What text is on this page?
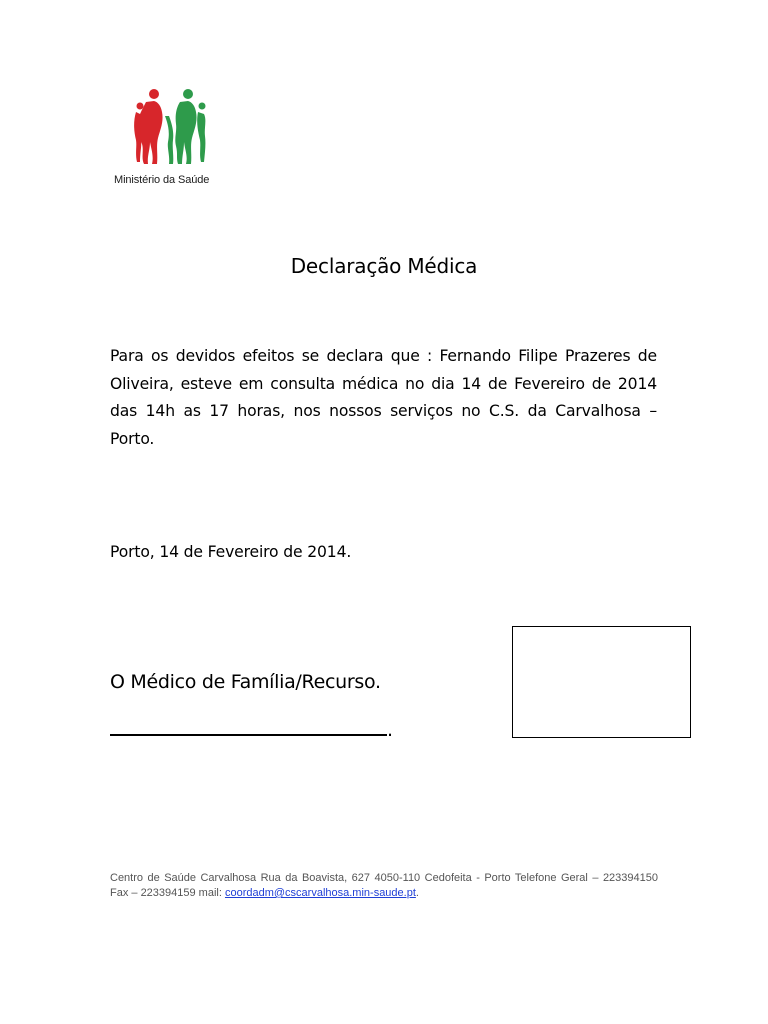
Ministério da Saúde
Declaração Médica
Para os devidos efeitos se declara que : Fernando Filipe Prazeres de Oliveira, esteve em consulta médica no dia 14 de Fevereiro de 2014 das 14h as 17 horas, nos nossos serviços no C.S. da Carvalhosa – Porto.
Porto, 14 de Fevereiro de 2014.
O Médico de Família/Recurso.
.
Centro de Saúde Carvalhosa Rua da Boavista, 627 4050-110 Cedofeita - Porto Telefone Geral – 223394150 Fax – 223394159 mail: coordadm@cscarvalhosa.min-saude.pt.
